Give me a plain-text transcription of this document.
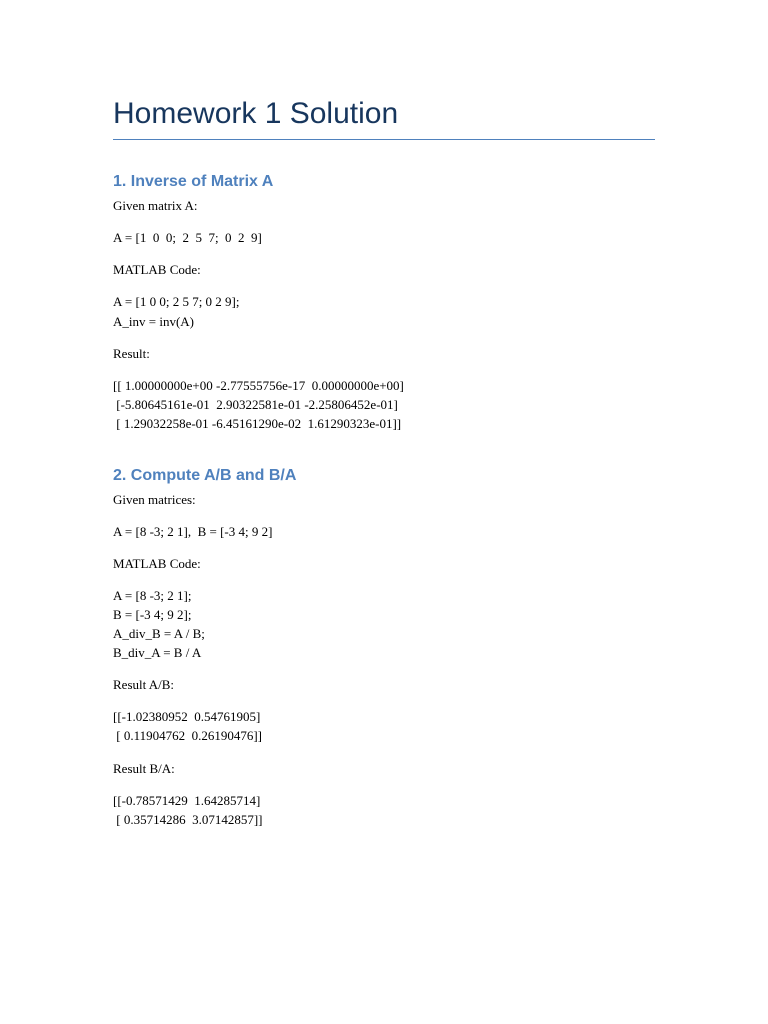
Homework 1 Solution
1. Inverse of Matrix A
Given matrix A:
A = [1  0  0;  2  5  7;  0  2  9]
MATLAB Code:
A = [1 0 0; 2 5 7; 0 2 9];
A_inv = inv(A)
Result:
[[ 1.00000000e+00 -2.77555756e-17  0.00000000e+00]
[-5.80645161e-01  2.90322581e-01 -2.25806452e-01]
[ 1.29032258e-01 -6.45161290e-02  1.61290323e-01]]
2. Compute A/B and B/A
Given matrices:
A = [8 -3; 2 1],  B = [-3 4; 9 2]
MATLAB Code:
A = [8 -3; 2 1];
B = [-3 4; 9 2];
A_div_B = A / B;
B_div_A = B / A
Result A/B:
[[-1.02380952  0.54761905]
[ 0.11904762  0.26190476]]
Result B/A:
[[-0.78571429  1.64285714]
[ 0.35714286  3.07142857]]
